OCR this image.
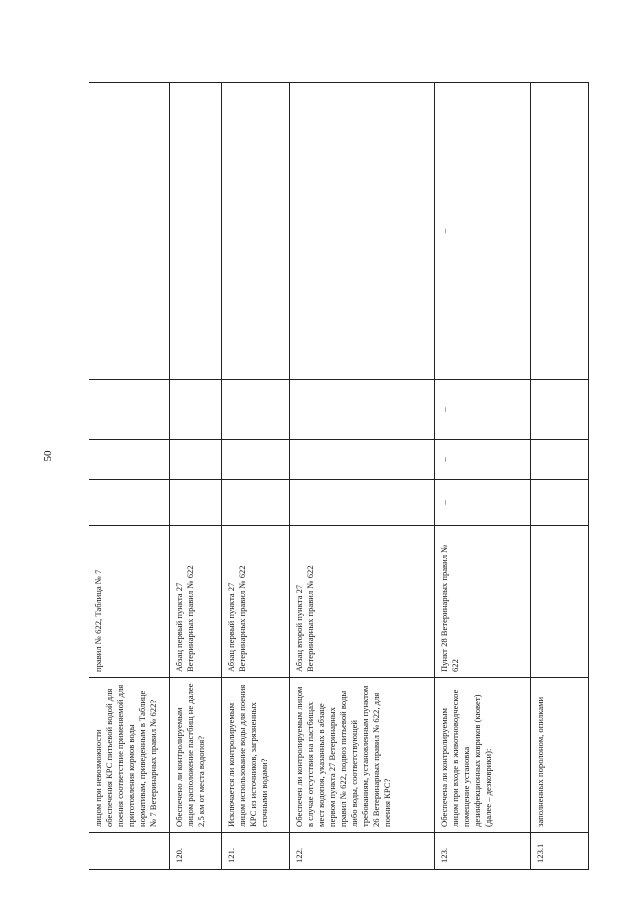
50
	лицом при невозможности обеспечения КРС питьевой водой для поения соответствие применяемой для приготовления кормов воды нормативам, приведенным в Таблице № 7 Ветеринарных правил № 622?	правил № 622, Таблица № 7				
120.	Обеспечено ли контролируемым лицом расположение пастбищ не далее 2,5 км от места водопоя?	Абзац первый пункта 27 Ветеринарных правил № 622				
121.	Исключается ли контролируемым лицом использование воды для поения КРС из источников, загрязненных сточными водами?	Абзац первый пункта 27 Ветеринарных правил № 622				
122.	Обеспечен ли контролируемым лицом в случае отсутствия на пастбищах мест водопоя, указанных в абзаце первом пункта 27 Ветеринарных правил № 622, подвоз питьевой воды либо воды, соответствующей требованиям, установленным пунктом 26 Ветеринарных правил № 622, для поения КРС?	Абзац второй пункта 27 Ветеринарных правил № 622				
123.	Обеспечена ли контролируемым лицом при входе в животноводческое помещение установка дезинфекционных ковриков (кювет) (далее – дезковрики):	Пункт 28 Ветеринарных правил № 622	–	–	–	–
123.1	заполненных поролоном, опилками					
